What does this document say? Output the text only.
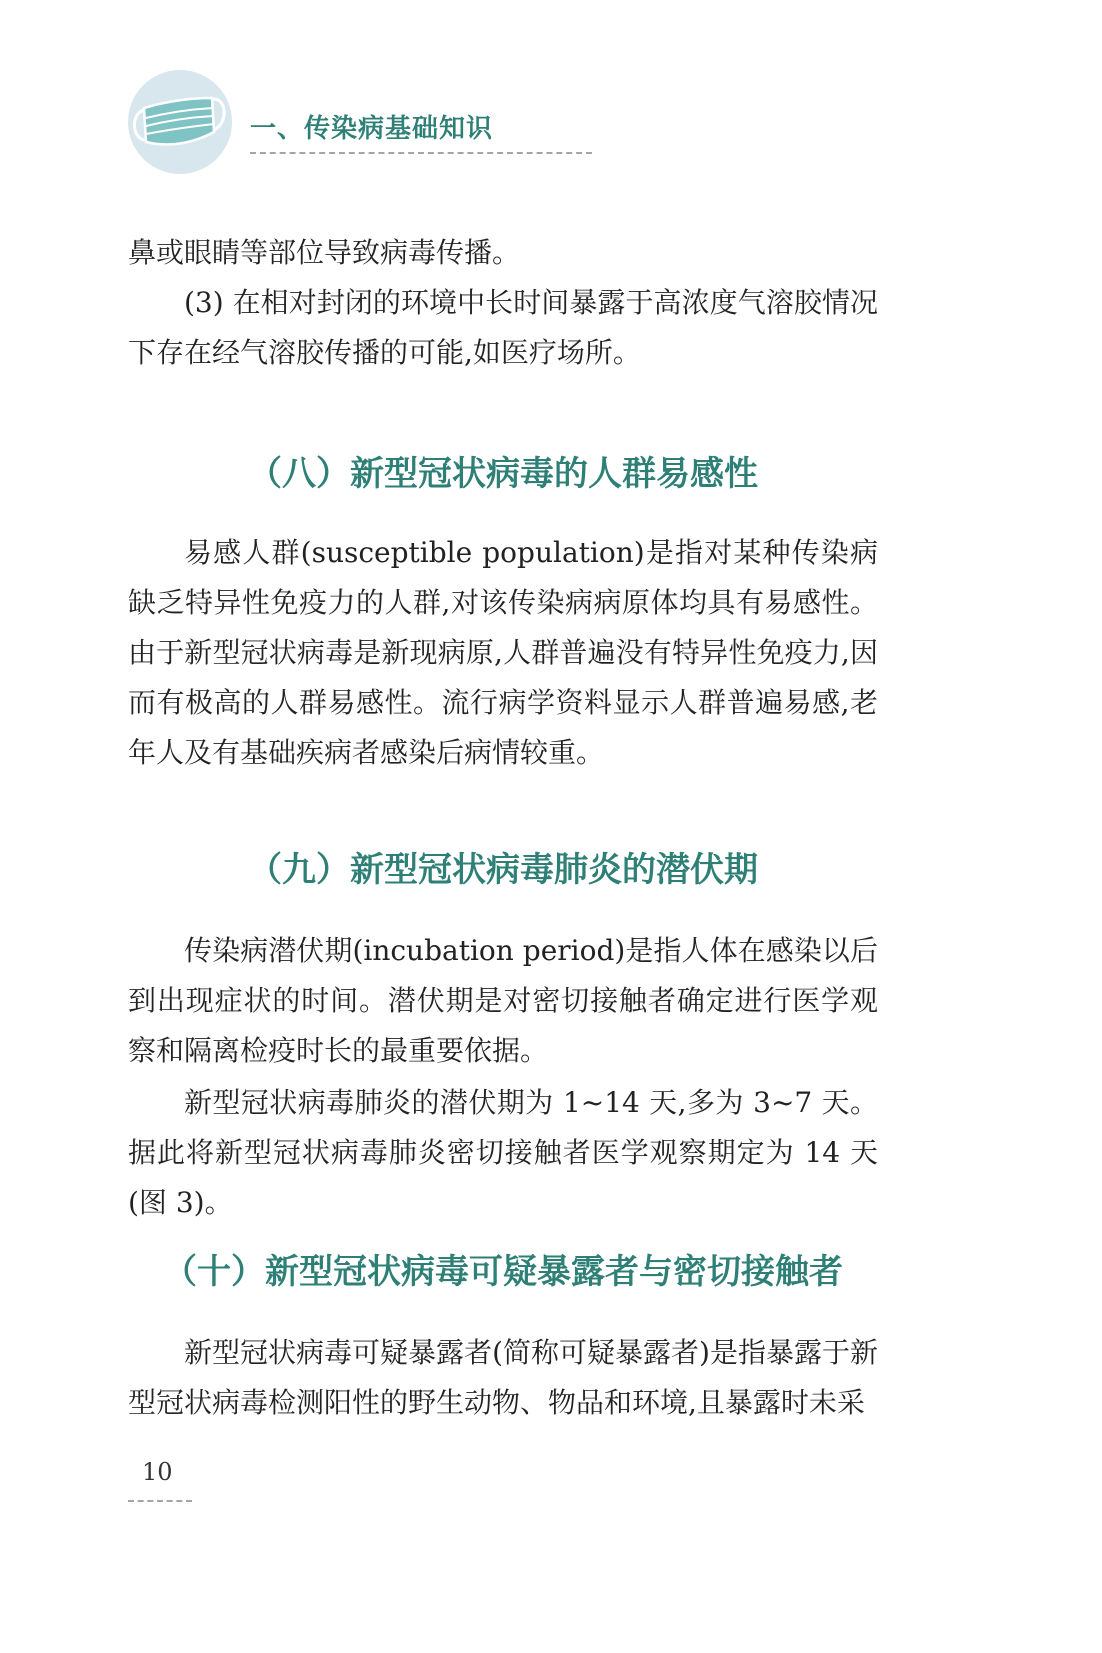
一、传染病基础知识

鼻或眼睛等部位导致病毒传播。

(3) 在相对封闭的环境中长时间暴露于高浓度气溶胶情况下存在经气溶胶传播的可能,如医疗场所。

（八）新型冠状病毒的人群易感性

易感人群(susceptible population)是指对某种传染病缺乏特异性免疫力的人群,对该传染病病原体均具有易感性。由于新型冠状病毒是新现病原,人群普遍没有特异性免疫力,因而有极高的人群易感性。流行病学资料显示人群普遍易感,老年人及有基础疾病者感染后病情较重。

（九）新型冠状病毒肺炎的潜伏期

传染病潜伏期(incubation period)是指人体在感染以后到出现症状的时间。潜伏期是对密切接触者确定进行医学观察和隔离检疫时长的最重要依据。

新型冠状病毒肺炎的潜伏期为 1~14 天,多为 3~7 天。据此将新型冠状病毒肺炎密切接触者医学观察期定为 14 天(图 3)。

（十）新型冠状病毒可疑暴露者与密切接触者

新型冠状病毒可疑暴露者(简称可疑暴露者)是指暴露于新型冠状病毒检测阳性的野生动物、物品和环境,且暴露时未采

10
